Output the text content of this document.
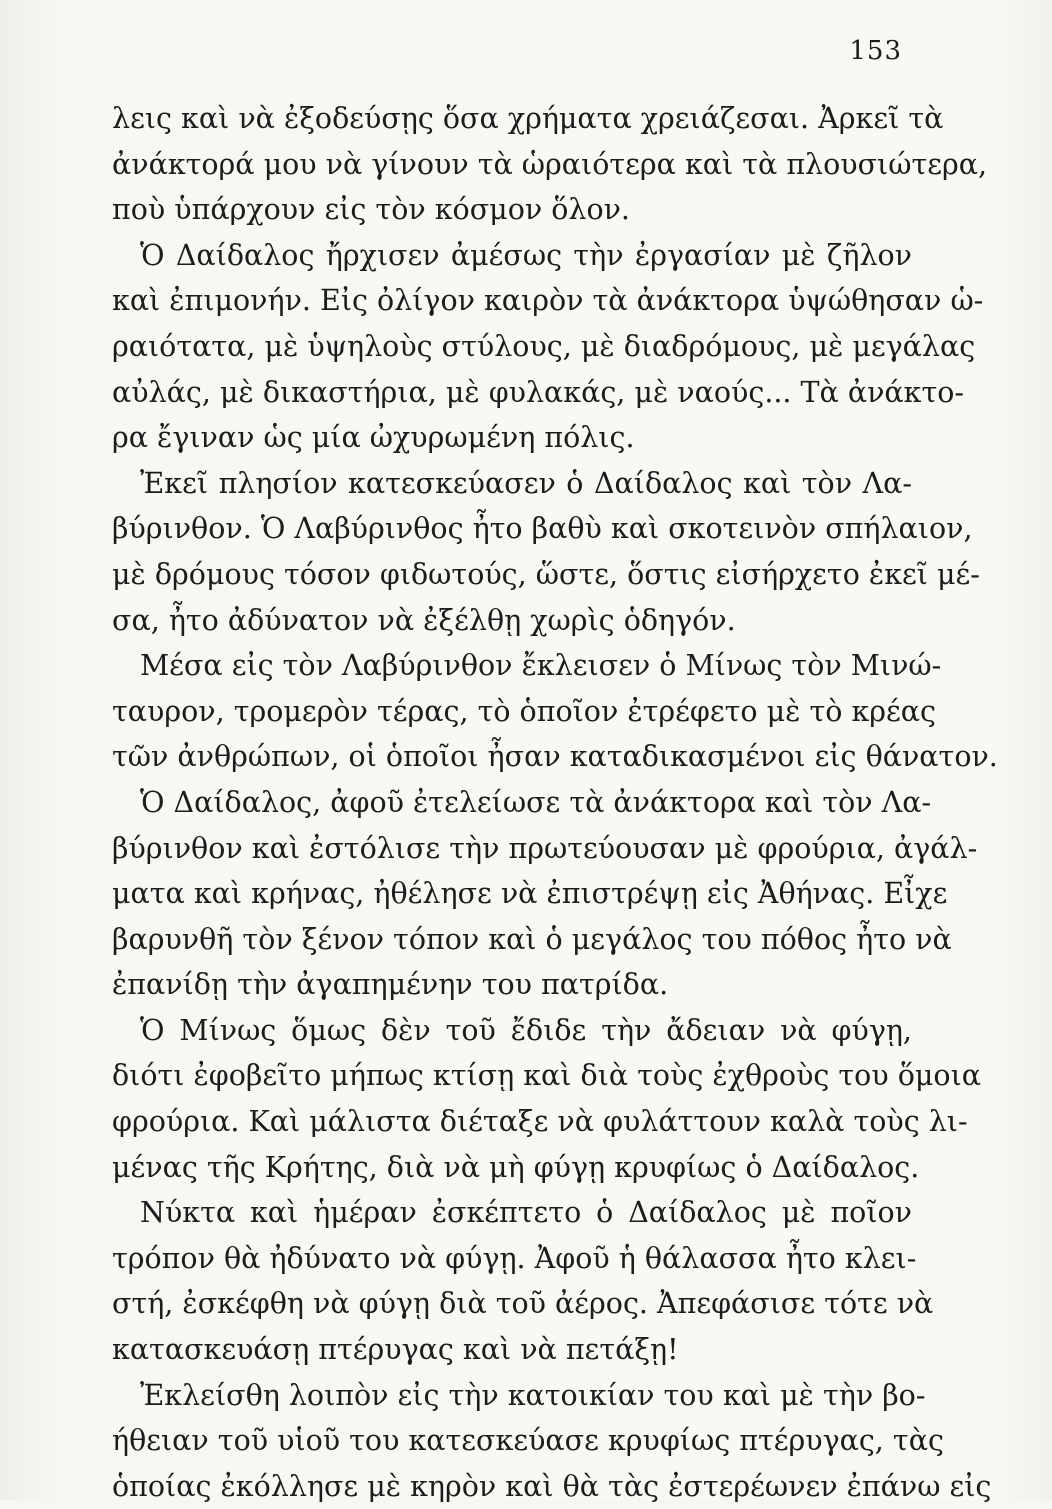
153
λεις καὶ νὰ ἐξοδεύσῃς ὅσα χρήματα χρειάζεσαι. Ἀρκεῖ τὰ
ἀνάκτορά μου νὰ γίνουν τὰ ὡραιότερα καὶ τὰ πλουσιώτερα,
ποὺ ὑπάρχουν εἰς τὸν κόσμον ὅλον.
Ὁ Δαίδαλος ἤρχισεν ἀμέσως τὴν ἐργασίαν μὲ ζῆλον
καὶ ἐπιμονήν. Εἰς ὀλίγον καιρὸν τὰ ἀνάκτορα ὑψώθησαν ὡ-
ραιότατα, μὲ ὑψηλοὺς στύλους, μὲ διαδρόμους, μὲ μεγάλας
αὐλάς, μὲ δικαστήρια, μὲ φυλακάς, μὲ ναούς... Τὰ ἀνάκτο-
ρα ἔγιναν ὡς μία ὠχυρωμένη πόλις.
Ἐκεῖ πλησίον κατεσκεύασεν ὁ Δαίδαλος καὶ τὸν Λα-
βύρινθον. Ὁ Λαβύρινθος ἦτο βαθὺ καὶ σκοτεινὸν σπήλαιον,
μὲ δρόμους τόσον φιδωτούς, ὥστε, ὅστις εἰσήρχετο ἐκεῖ μέ-
σα, ἦτο ἀδύνατον νὰ ἐξέλθῃ χωρὶς ὁδηγόν.
Μέσα εἰς τὸν Λαβύρινθον ἔκλεισεν ὁ Μίνως τὸν Μινώ-
ταυρον, τρομερὸν τέρας, τὸ ὁποῖον ἐτρέφετο μὲ τὸ κρέας
τῶν ἀνθρώπων, οἱ ὁποῖοι ἦσαν καταδικασμένοι εἰς θάνατον.
Ὁ Δαίδαλος, ἀφοῦ ἐτελείωσε τὰ ἀνάκτορα καὶ τὸν Λα-
βύρινθον καὶ ἐστόλισε τὴν πρωτεύουσαν μὲ φρούρια, ἀγάλ-
ματα καὶ κρήνας, ἠθέλησε νὰ ἐπιστρέψῃ εἰς Ἀθήνας. Εἶχε
βαρυνθῆ τὸν ξένον τόπον καὶ ὁ μεγάλος του πόθος ἦτο νὰ
ἐπανίδῃ τὴν ἀγαπημένην του πατρίδα.
Ὁ Μίνως ὅμως δὲν τοῦ ἔδιδε τὴν ἄδειαν νὰ φύγῃ,
διότι ἐφοβεῖτο μήπως κτίσῃ καὶ διὰ τοὺς ἐχθροὺς του ὅμοια
φρούρια. Καὶ μάλιστα διέταξε νὰ φυλάττουν καλὰ τοὺς λι-
μένας τῆς Κρήτης, διὰ νὰ μὴ φύγῃ κρυφίως ὁ Δαίδαλος.
Νύκτα καὶ ἡμέραν ἐσκέπτετο ὁ Δαίδαλος μὲ ποῖον
τρόπον θὰ ἠδύνατο νὰ φύγῃ. Ἀφοῦ ἡ θάλασσα ἦτο κλει-
στή, ἐσκέφθη νὰ φύγῃ διὰ τοῦ ἀέρος. Ἀπεφάσισε τότε νὰ
κατασκευάσῃ πτέρυγας καὶ νὰ πετάξῃ!
Ἐκλείσθη λοιπὸν εἰς τὴν κατοικίαν του καὶ μὲ τὴν βο-
ήθειαν τοῦ υἱοῦ του κατεσκεύασε κρυφίως πτέρυγας, τὰς
ὁποίας ἐκόλλησε μὲ κηρὸν καὶ θὰ τὰς ἐστερέωνεν ἐπάνω εἰς
